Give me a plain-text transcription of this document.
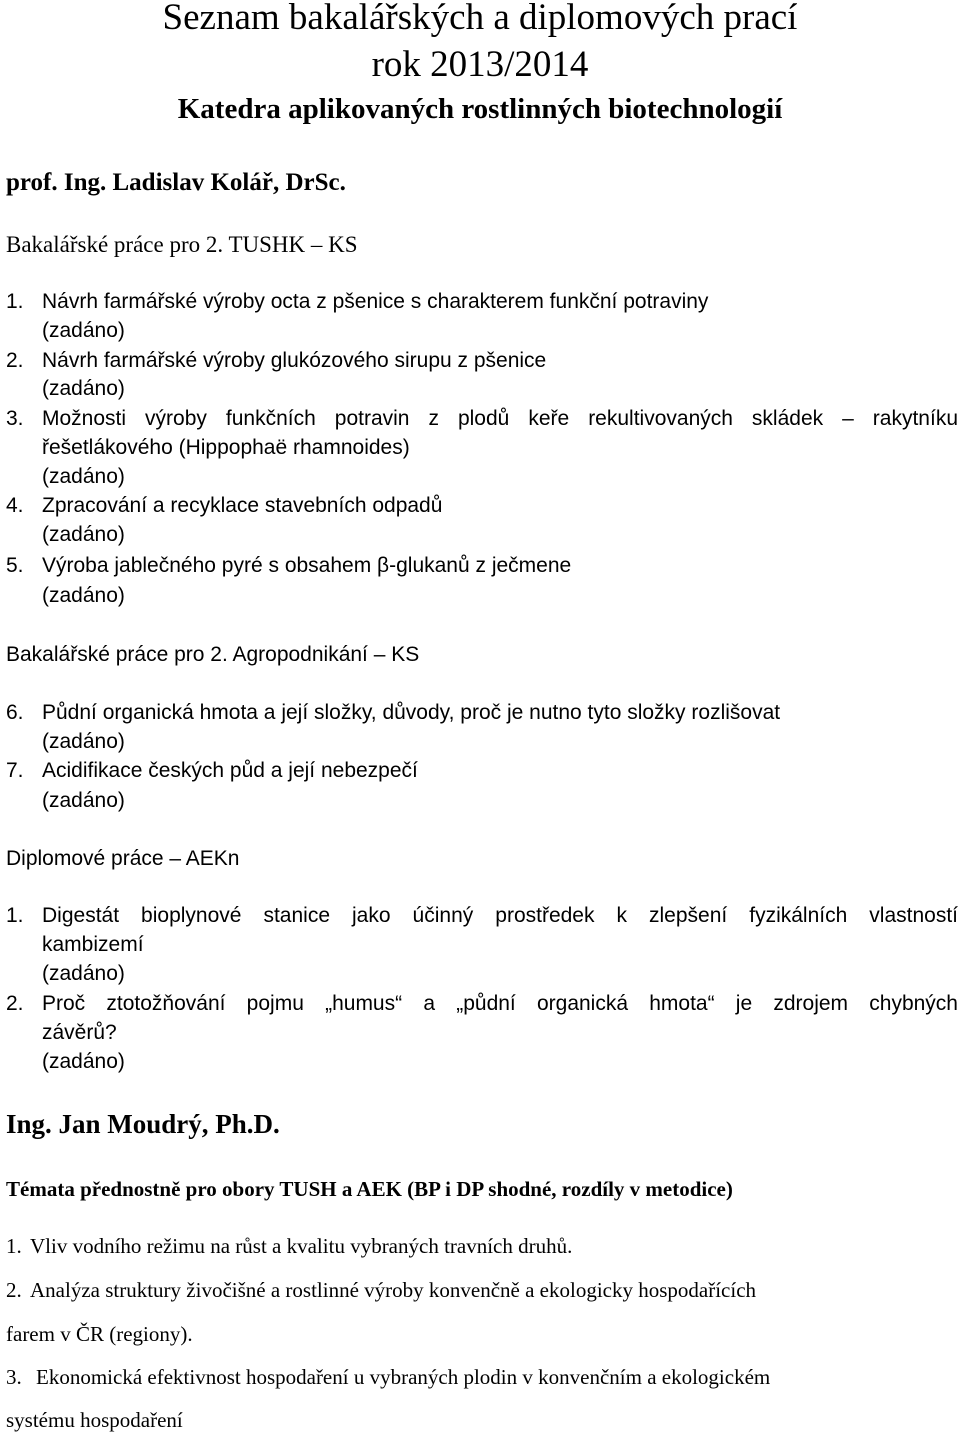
Seznam bakalářských a diplomových prací
rok 2013/2014
Katedra aplikovaných rostlinných biotechnologií
prof. Ing. Ladislav Kolář, DrSc.
Bakalářské práce pro 2. TUSHK – KS
1. Návrh farmářské výroby octa z pšenice s charakterem funkční potraviny
(zadáno)
2. Návrh farmářské výroby glukózového sirupu z pšenice
(zadáno)
3. Možnosti výroby funkčních potravin z plodů keře rekultivovaných skládek – rakytníku
řešetlákového (Hippophaë rhamnoides)
(zadáno)
4. Zpracování a recyklace stavebních odpadů
(zadáno)
5. Výroba jablečného pyré s obsahem β-glukanů z ječmene
(zadáno)
Bakalářské práce pro 2. Agropodnikání – KS
6. Půdní organická hmota a její složky, důvody, proč je nutno tyto složky rozlišovat
(zadáno)
7. Acidifikace českých půd a její nebezpečí
(zadáno)
Diplomové práce – AEKn
1. Digestát bioplynové stanice jako účinný prostředek k zlepšení fyzikálních vlastností
kambizemí
(zadáno)
2. Proč ztotožňování pojmu „humus“ a „půdní organická hmota“ je zdrojem chybných
závěrů?
(zadáno)
Ing. Jan Moudrý, Ph.D.
Témata přednostně pro obory TUSH a AEK (BP i DP shodné, rozdíly v metodice)
1. Vliv vodního režimu na růst a kvalitu vybraných travních druhů.
2. Analýza struktury živočišné a rostlinné výroby konvenčně a ekologicky hospodařících
farem v ČR (regiony).
3. Ekonomická efektivnost hospodaření u vybraných plodin v konvenčním a ekologickém
systému hospodaření
